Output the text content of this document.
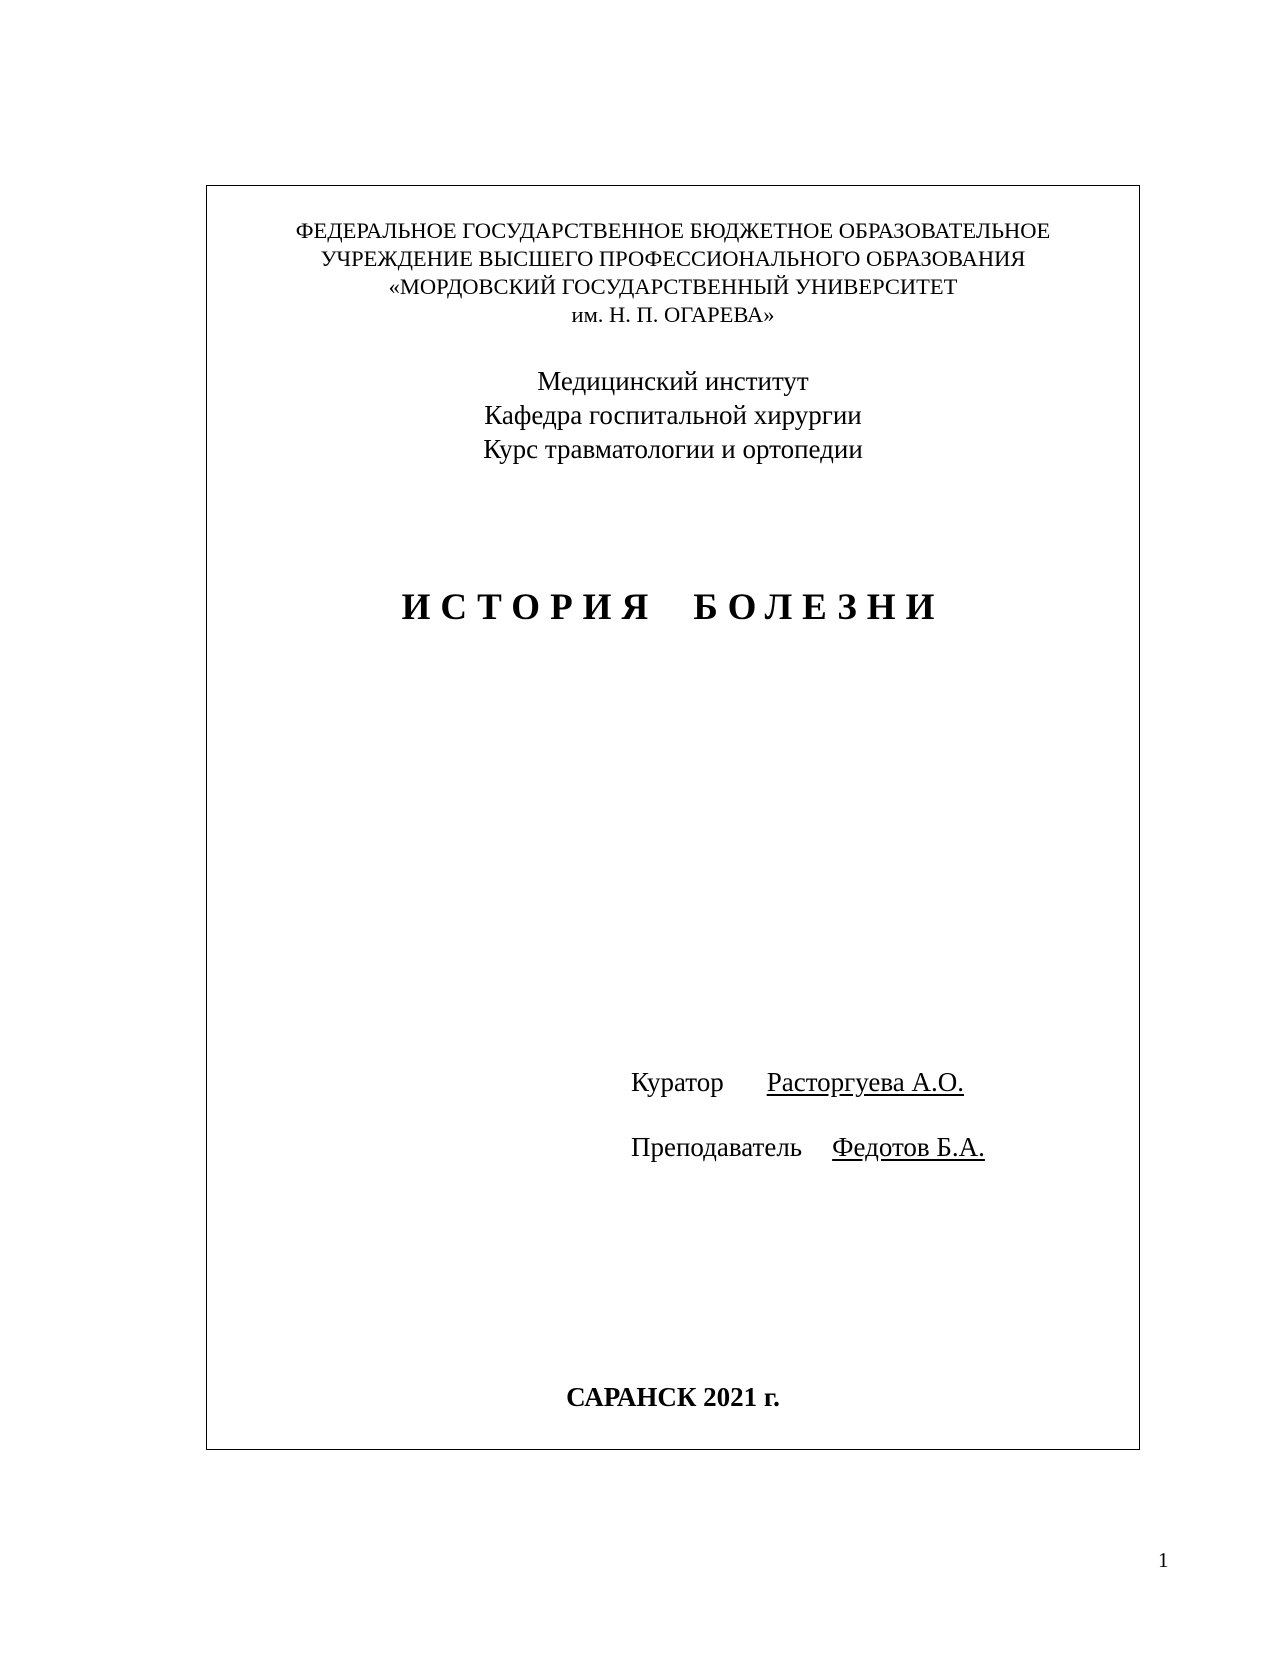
ФЕДЕРАЛЬНОЕ ГОСУДАРСТВЕННОЕ БЮДЖЕТНОЕ ОБРАЗОВАТЕЛЬНОЕ
УЧРЕЖДЕНИЕ ВЫСШЕГО ПРОФЕССИОНАЛЬНОГО ОБРАЗОВАНИЯ
«МОРДОВСКИЙ ГОСУДАРСТВЕННЫЙ УНИВЕРСИТЕТ
им. Н. П. ОГАРЕВА»
Медицинский институт
Кафедра госпитальной хирургии
Курс травматологии и ортопедии
ИСТОРИЯ БОЛЕЗНИ
Куратор Расторгуева А.О.
Преподаватель Федотов Б.А.
САРАНСК 2021 г.
1
